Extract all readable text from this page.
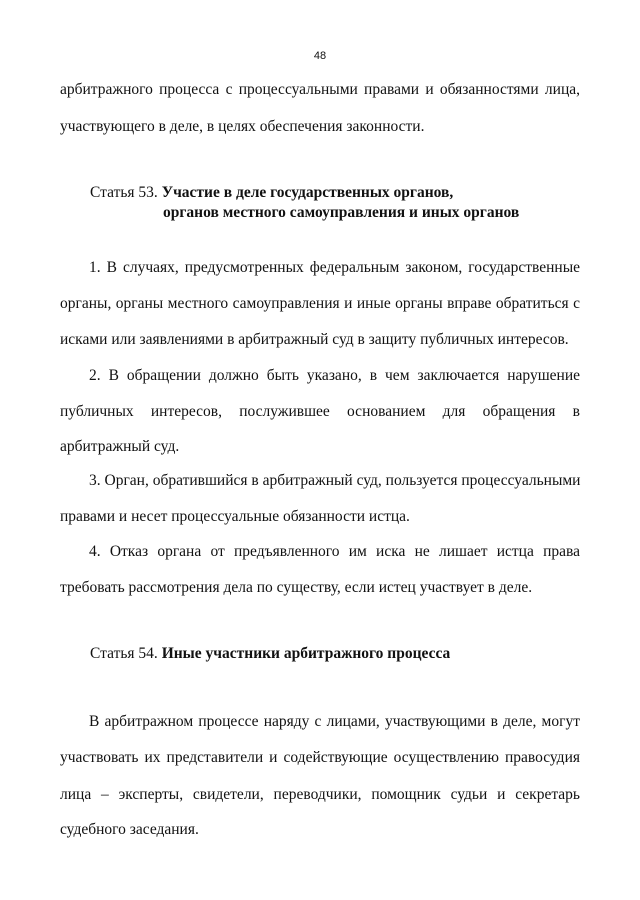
48
арбитражного процесса с процессуальными правами и обязанностями лица,
участвующего в деле, в целях обеспечения законности.
Статья 53. Участие в деле государственных органов,
органов местного самоуправления и иных органов
1. В случаях, предусмотренных федеральным законом, государственные
органы, органы местного самоуправления и иные органы вправе обратиться с
исками или заявлениями в арбитражный суд в защиту публичных интересов.
2. В обращении должно быть указано, в чем заключается нарушение
публичных интересов, послужившее основанием для обращения в
арбитражный суд.
3. Орган, обратившийся в арбитражный суд, пользуется процессуальными
правами и несет процессуальные обязанности истца.
4. Отказ органа от предъявленного им иска не лишает истца права
требовать рассмотрения дела по существу, если истец участвует в деле.
Статья 54. Иные участники арбитражного процесса
В арбитражном процессе наряду с лицами, участвующими в деле, могут
участвовать их представители и содействующие осуществлению правосудия
лица – эксперты, свидетели, переводчики, помощник судьи и секретарь
судебного заседания.
